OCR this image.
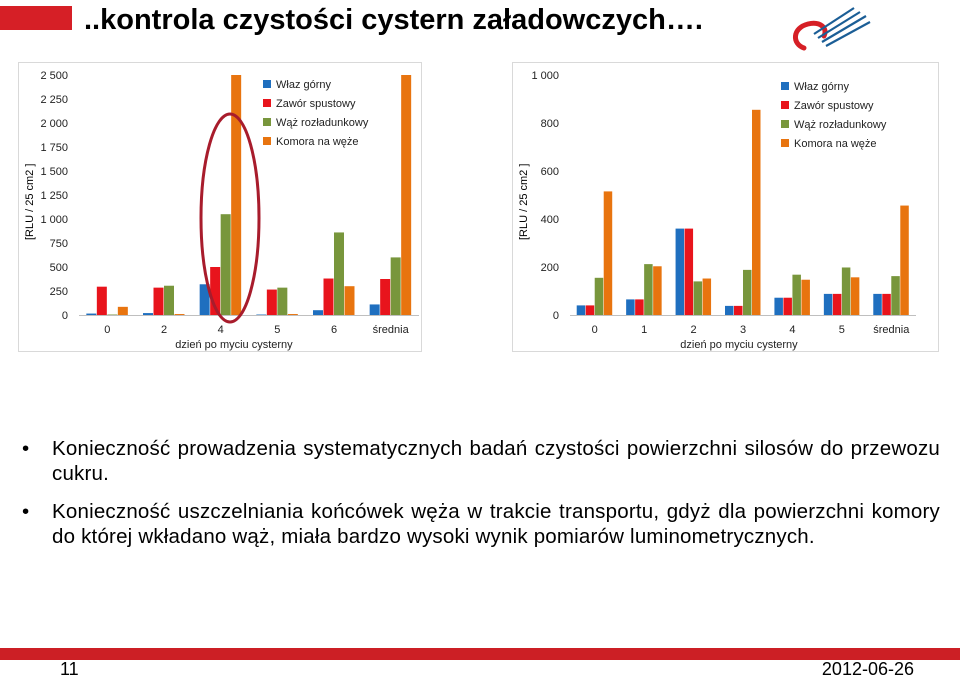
..kontrola czystości cystern załadowczych….
0
250
500
750
1 000
1 250
1 500
1 750
2 000
2 250
2 500
0	2	4	5	6	średnia
dzień po myciu cysterny
Właz górny
Zawór spustowy
Wąż rozładunkowy
Komora na węże
[RLU / 25 cm2 ]
0
200
400
600
800
1 000
0	1	2	3	4	5	średnia
dzień po myciu cysterny
Właz górny
Zawór spustowy
Wąż rozładunkowy
Komora na węże
[RLU / 25 cm2 ]
• Konieczność prowadzenia systematycznych badań czystości powierzchni silosów do przewozu cukru.
• Konieczność uszczelniania końcówek węża w trakcie transportu, gdyż dla powierzchni komory do której wkładano wąż, miała bardzo wysoki wynik pomiarów luminometrycznych.
11	2012-06-26
